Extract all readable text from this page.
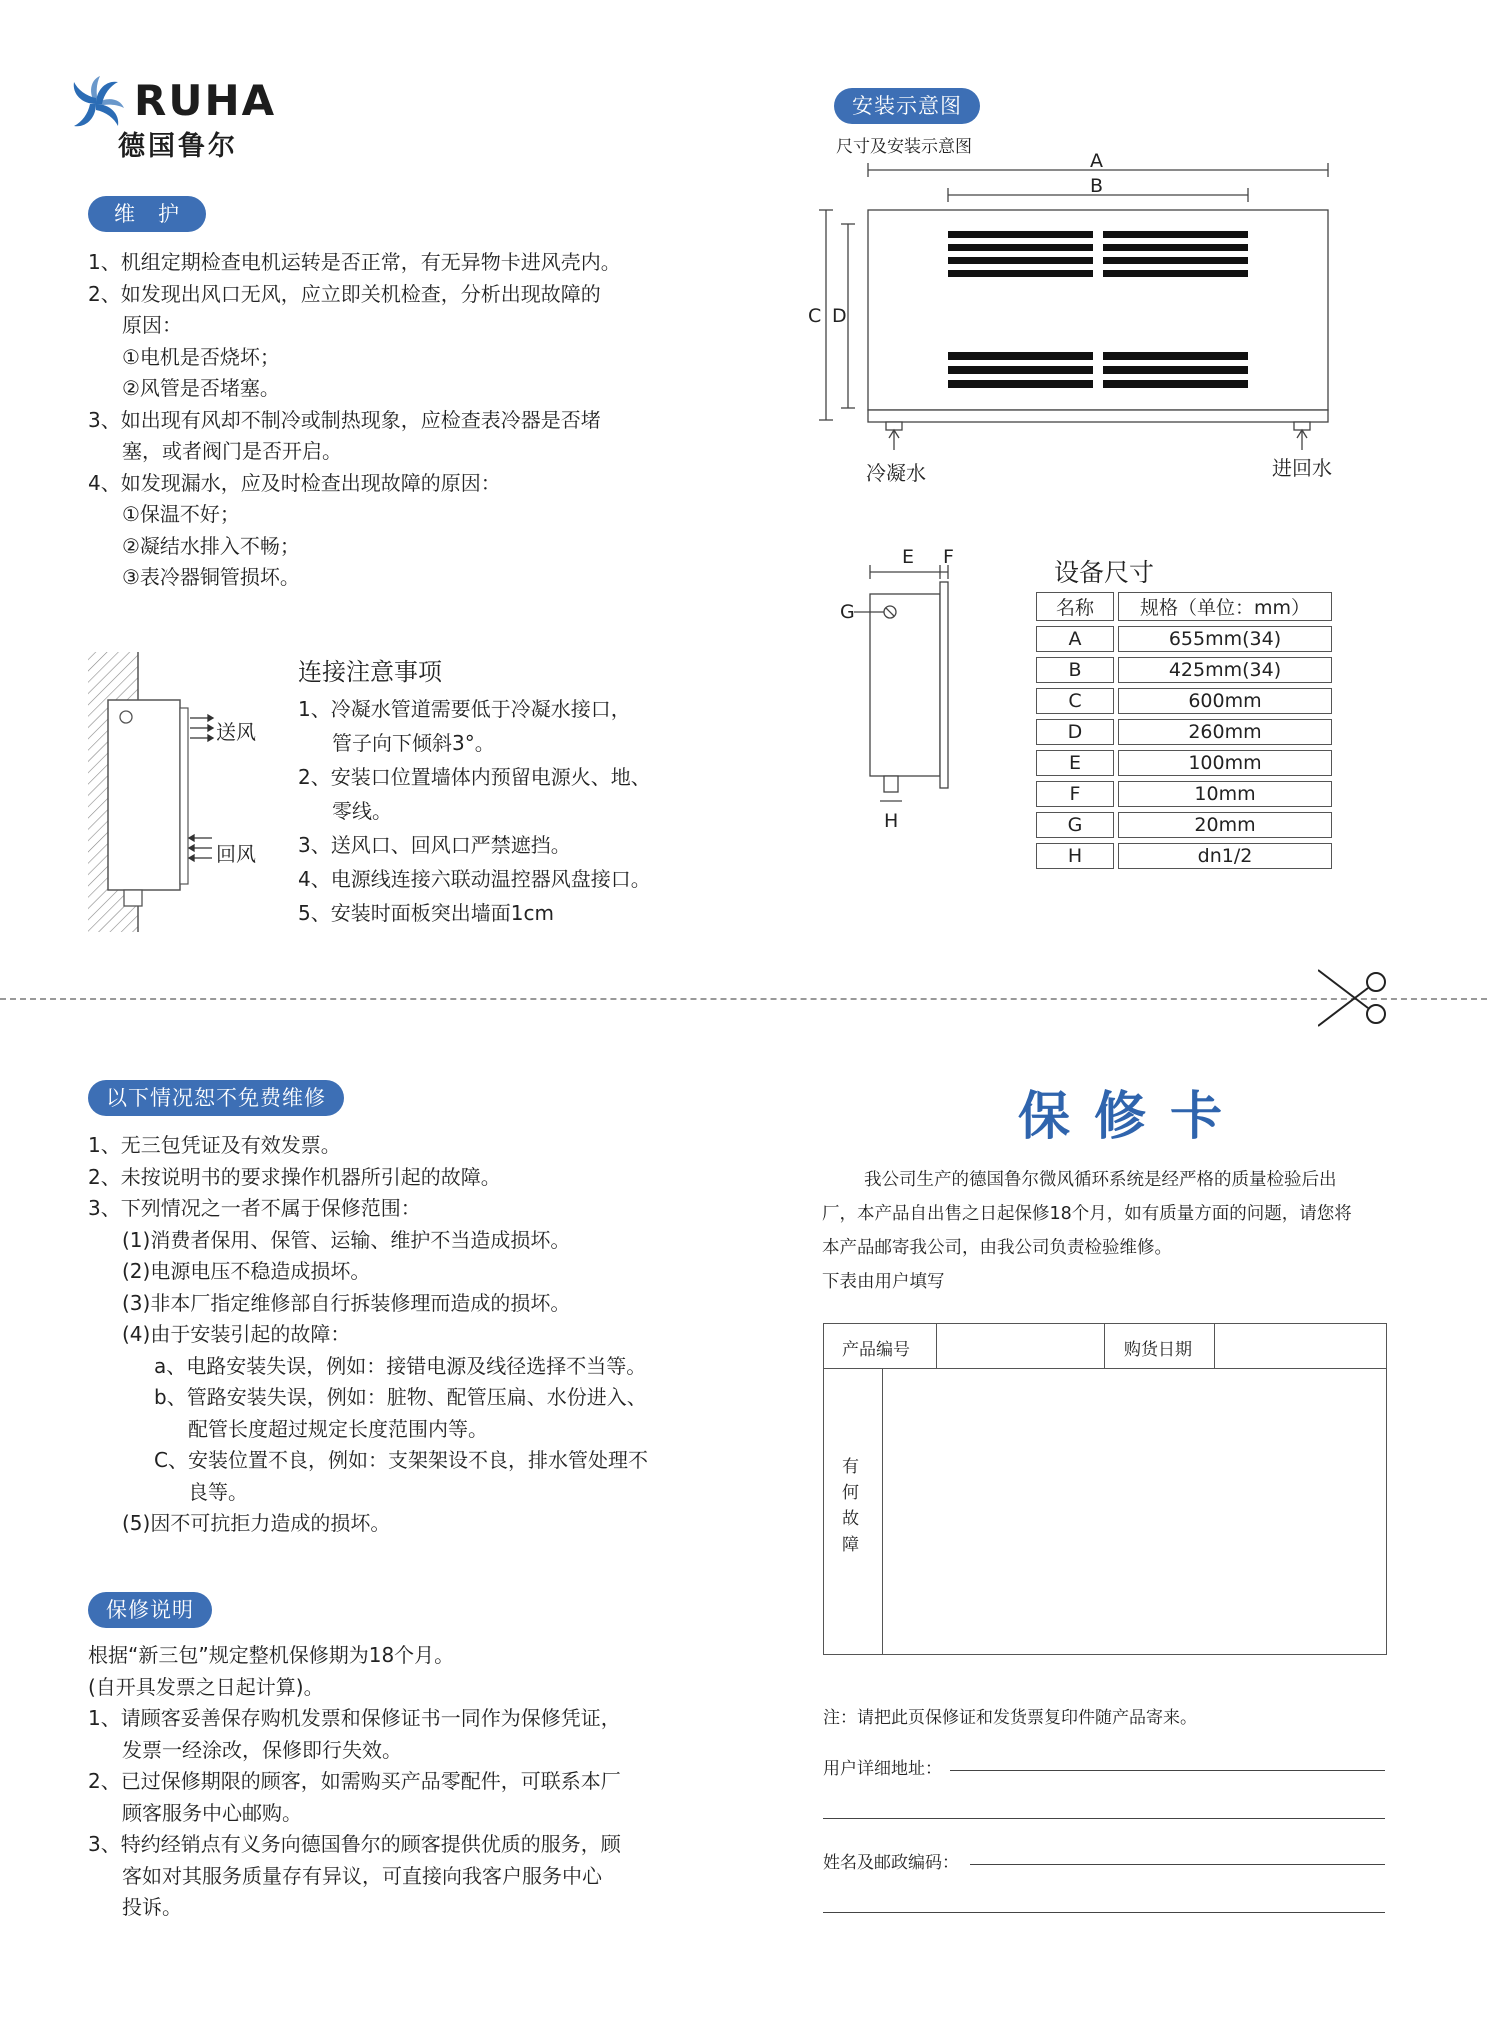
RUHA
德国鲁尔
维　护
1、机组定期检查电机运转是否正常，有无异物卡进风壳内。
2、如发现出风口无风，应立即关机检查，分析出现故障的
原因：
①电机是否烧坏；
②风管是否堵塞。
3、如出现有风却不制冷或制热现象，应检查表冷器是否堵
塞，或者阀门是否开启。
4、如发现漏水，应及时检查出现故障的原因：
①保温不好；
②凝结水排入不畅；
③表冷器铜管损坏。
送风
回风
连接注意事项
1、冷凝水管道需要低于冷凝水接口，
管子向下倾斜3°。
2、安装口位置墙体内预留电源火、地、
零线。
3、送风口、回风口严禁遮挡。
4、电源线连接六联动温控器风盘接口。
5、安装时面板突出墙面1cm
安装示意图
尺寸及安装示意图
A
B
C D
冷凝水	进回水
E F
G
H
设备尺寸
名称	规格（单位：mm）
A	655mm(34)
B	425mm(34)
C	600mm
D	260mm
E	100mm
F	10mm
G	20mm
H	dn1/2
以下情况恕不免费维修
1、无三包凭证及有效发票。
2、未按说明书的要求操作机器所引起的故障。
3、下列情况之一者不属于保修范围：
(1)消费者保用、保管、运输、维护不当造成损坏。
(2)电源电压不稳造成损坏。
(3)非本厂指定维修部自行拆装修理而造成的损坏。
(4)由于安装引起的故障：
a、电路安装失误，例如：接错电源及线径选择不当等。
b、管路安装失误，例如：脏物、配管压扁、水份进入、
配管长度超过规定长度范围内等。
C、安装位置不良，例如：支架架设不良，排水管处理不
良等。
(5)因不可抗拒力造成的损坏。
保修说明
根据“新三包”规定整机保修期为18个月。
(自开具发票之日起计算)。
1、请顾客妥善保存购机发票和保修证书一同作为保修凭证，
发票一经涂改，保修即行失效。
2、已过保修期限的顾客，如需购买产品零配件，可联系本厂
顾客服务中心邮购。
3、特约经销点有义务向德国鲁尔的顾客提供优质的服务，顾
客如对其服务质量存有异议，可直接向我客户服务中心
投诉。
保修卡
我公司生产的德国鲁尔微风循环系统是经严格的质量检验后出
厂，本产品自出售之日起保修18个月，如有质量方面的问题，请您将
本产品邮寄我公司，由我公司负责检验维修。
下表由用户填写
产品编号	购货日期
有何故障
注：请把此页保修证和发货票复印件随产品寄来。
用户详细地址：
姓名及邮政编码：
